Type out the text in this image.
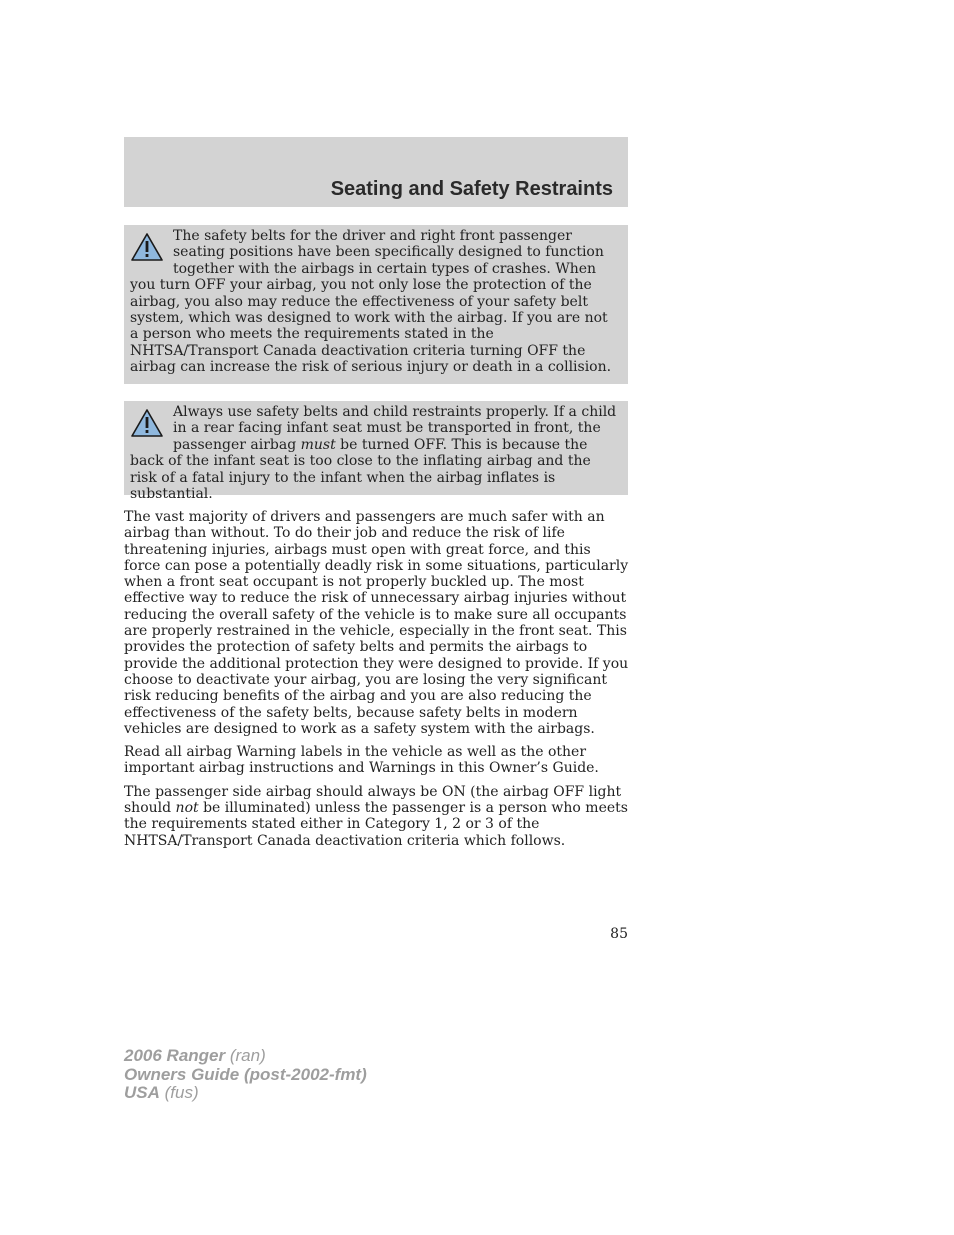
Seating and Safety Restraints

The safety belts for the driver and right front passenger seating positions have been specifically designed to function together with the airbags in certain types of crashes. When you turn OFF your airbag, you not only lose the protection of the airbag, you also may reduce the effectiveness of your safety belt system, which was designed to work with the airbag. If you are not a person who meets the requirements stated in the NHTSA/Transport Canada deactivation criteria turning OFF the airbag can increase the risk of serious injury or death in a collision.

Always use safety belts and child restraints properly. If a child in a rear facing infant seat must be transported in front, the passenger airbag must be turned OFF. This is because the back of the infant seat is too close to the inflating airbag and the risk of a fatal injury to the infant when the airbag inflates is substantial.

The vast majority of drivers and passengers are much safer with an airbag than without. To do their job and reduce the risk of life threatening injuries, airbags must open with great force, and this force can pose a potentially deadly risk in some situations, particularly when a front seat occupant is not properly buckled up. The most effective way to reduce the risk of unnecessary airbag injuries without reducing the overall safety of the vehicle is to make sure all occupants are properly restrained in the vehicle, especially in the front seat. This provides the protection of safety belts and permits the airbags to provide the additional protection they were designed to provide. If you choose to deactivate your airbag, you are losing the very significant risk reducing benefits of the airbag and you are also reducing the effectiveness of the safety belts, because safety belts in modern vehicles are designed to work as a safety system with the airbags.

Read all airbag Warning labels in the vehicle as well as the other important airbag instructions and Warnings in this Owner’s Guide.

The passenger side airbag should always be ON (the airbag OFF light should not be illuminated) unless the passenger is a person who meets the requirements stated either in Category 1, 2 or 3 of the NHTSA/Transport Canada deactivation criteria which follows.

85
2006 Ranger (ran)
Owners Guide (post-2002-fmt)
USA (fus)
